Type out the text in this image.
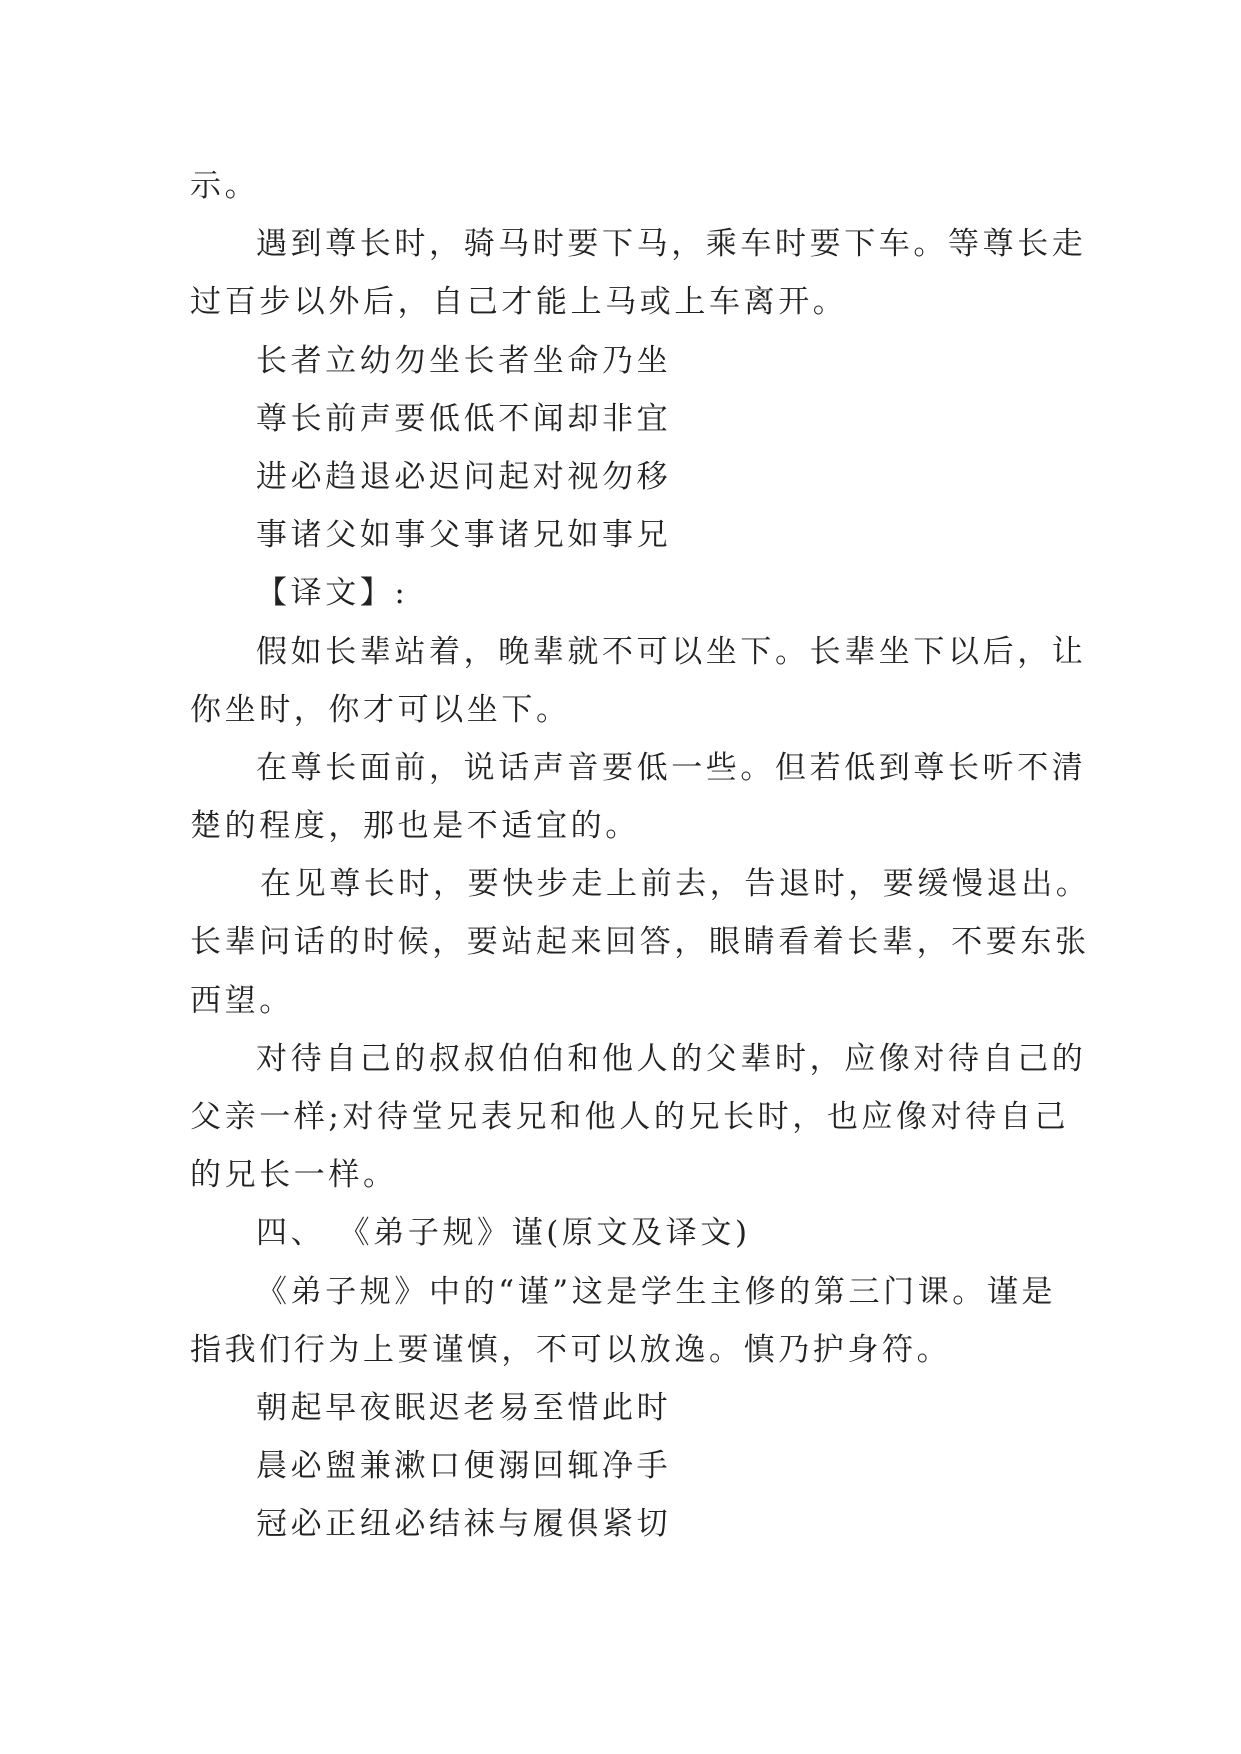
示。
遇到尊长时，骑马时要下马，乘车时要下车。等尊长走
过百步以外后，自己才能上马或上车离开。
长者立幼勿坐长者坐命乃坐
尊长前声要低低不闻却非宜
进必趋退必迟问起对视勿移
事诸父如事父事诸兄如事兄
【译文】:
假如长辈站着，晚辈就不可以坐下。长辈坐下以后，让
你坐时，你才可以坐下。
在尊长面前，说话声音要低一些。但若低到尊长听不清
楚的程度，那也是不适宜的。
在见尊长时，要快步走上前去，告退时，要缓慢退出。
长辈问话的时候，要站起来回答，眼睛看着长辈，不要东张
西望。
对待自己的叔叔伯伯和他人的父辈时，应像对待自己的
父亲一样;对待堂兄表兄和他人的兄长时，也应像对待自己
的兄长一样。
四、 《弟子规》谨(原文及译文)
《弟子规》中的“谨”这是学生主修的第三门课。谨是
指我们行为上要谨慎，不可以放逸。慎乃护身符。
朝起早夜眠迟老易至惜此时
晨必盥兼漱口便溺回辄净手
冠必正纽必结袜与履俱紧切
